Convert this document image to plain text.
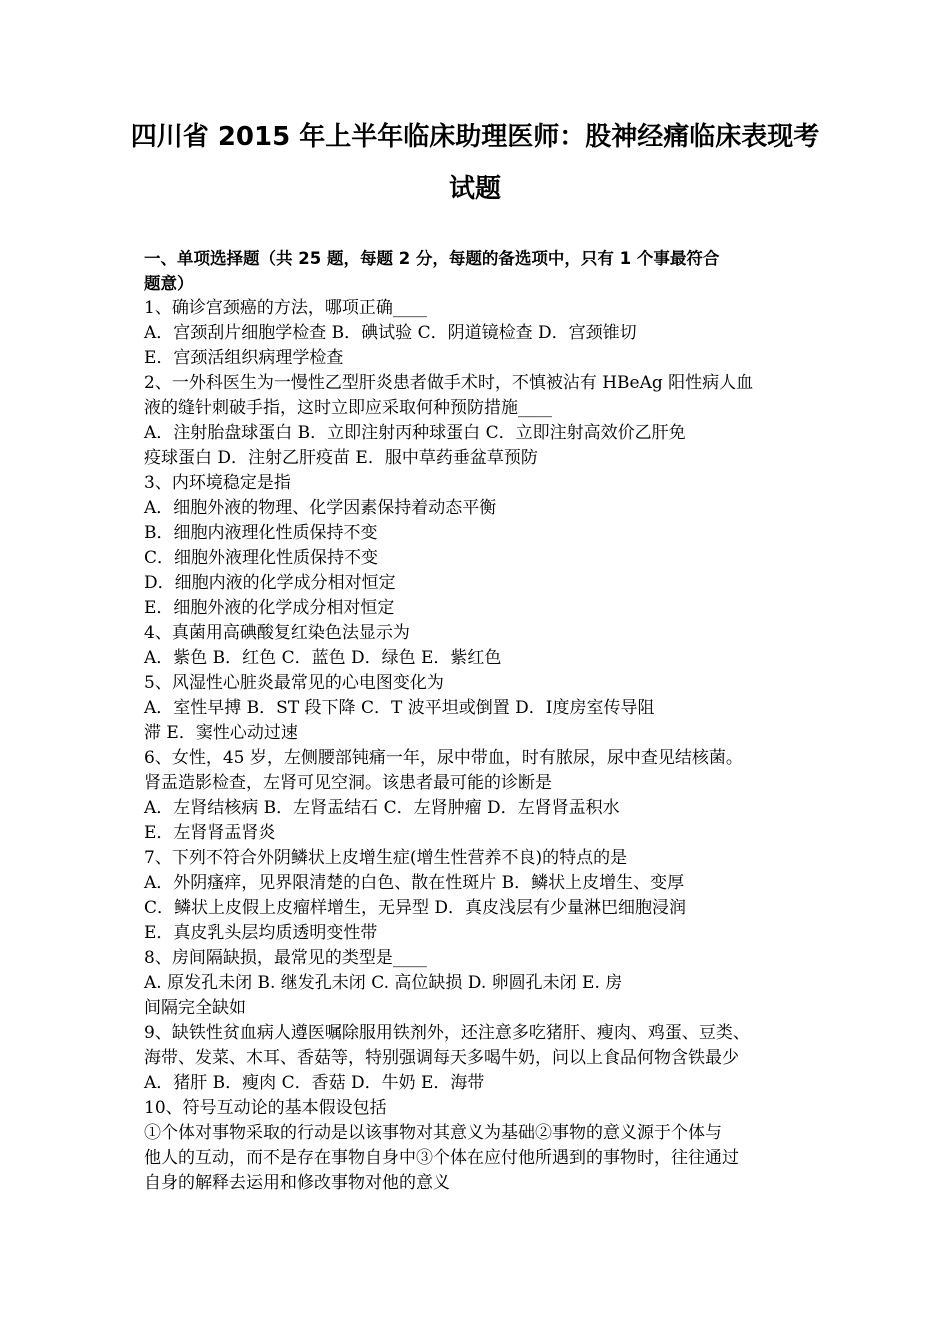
四川省 2015 年上半年临床助理医师：股神经痛临床表现考
试题
一、单项选择题（共 25 题，每题 2 分，每题的备选项中，只有 1 个事最符合
题意）
1、确诊宫颈癌的方法，哪项正确____
A．宫颈刮片细胞学检查 B．碘试验 C．阴道镜检查 D．宫颈锥切
E．宫颈活组织病理学检查
2、一外科医生为一慢性乙型肝炎患者做手术时，不慎被沾有 HBeAg 阳性病人血
液的缝针刺破手指，这时立即应采取何种预防措施____
A．注射胎盘球蛋白 B．立即注射丙种球蛋白 C．立即注射高效价乙肝免
疫球蛋白 D．注射乙肝疫苗 E．服中草药垂盆草预防
3、内环境稳定是指
A．细胞外液的物理、化学因素保持着动态平衡
B．细胞内液理化性质保持不变
C．细胞外液理化性质保持不变
D．细胞内液的化学成分相对恒定
E．细胞外液的化学成分相对恒定
4、真菌用高碘酸复红染色法显示为
A．紫色 B．红色 C．蓝色 D．绿色 E．紫红色
5、风湿性心脏炎最常见的心电图变化为
A．室性早搏 B．ST 段下降 C．T 波平坦或倒置 D．Ⅰ度房室传导阻
滞 E．窦性心动过速
6、女性，45 岁，左侧腰部钝痛一年，尿中带血，时有脓尿，尿中查见结核菌。
肾盂造影检查，左肾可见空洞。该患者最可能的诊断是
A．左肾结核病 B．左肾盂结石 C．左肾肿瘤 D．左肾肾盂积水
E．左肾肾盂肾炎
7、下列不符合外阴鳞状上皮增生症(增生性营养不良)的特点的是
A．外阴瘙痒，见界限清楚的白色、散在性斑片 B．鳞状上皮增生、变厚
C．鳞状上皮假上皮瘤样增生，无异型 D．真皮浅层有少量淋巴细胞浸润
E．真皮乳头层均质透明变性带
8、房间隔缺损，最常见的类型是____
A. 原发孔未闭 B. 继发孔未闭 C. 高位缺损 D. 卵圆孔未闭 E. 房
间隔完全缺如
9、缺铁性贫血病人遵医嘱除服用铁剂外，还注意多吃猪肝、瘦肉、鸡蛋、豆类、
海带、发菜、木耳、香菇等，特别强调每天多喝牛奶，问以上食品何物含铁最少
A．猪肝 B．瘦肉 C．香菇 D．牛奶 E．海带
10、符号互动论的基本假设包括
①个体对事物采取的行动是以该事物对其意义为基础②事物的意义源于个体与
他人的互动，而不是存在事物自身中③个体在应付他所遇到的事物时，往往通过
自身的解释去运用和修改事物对他的意义
